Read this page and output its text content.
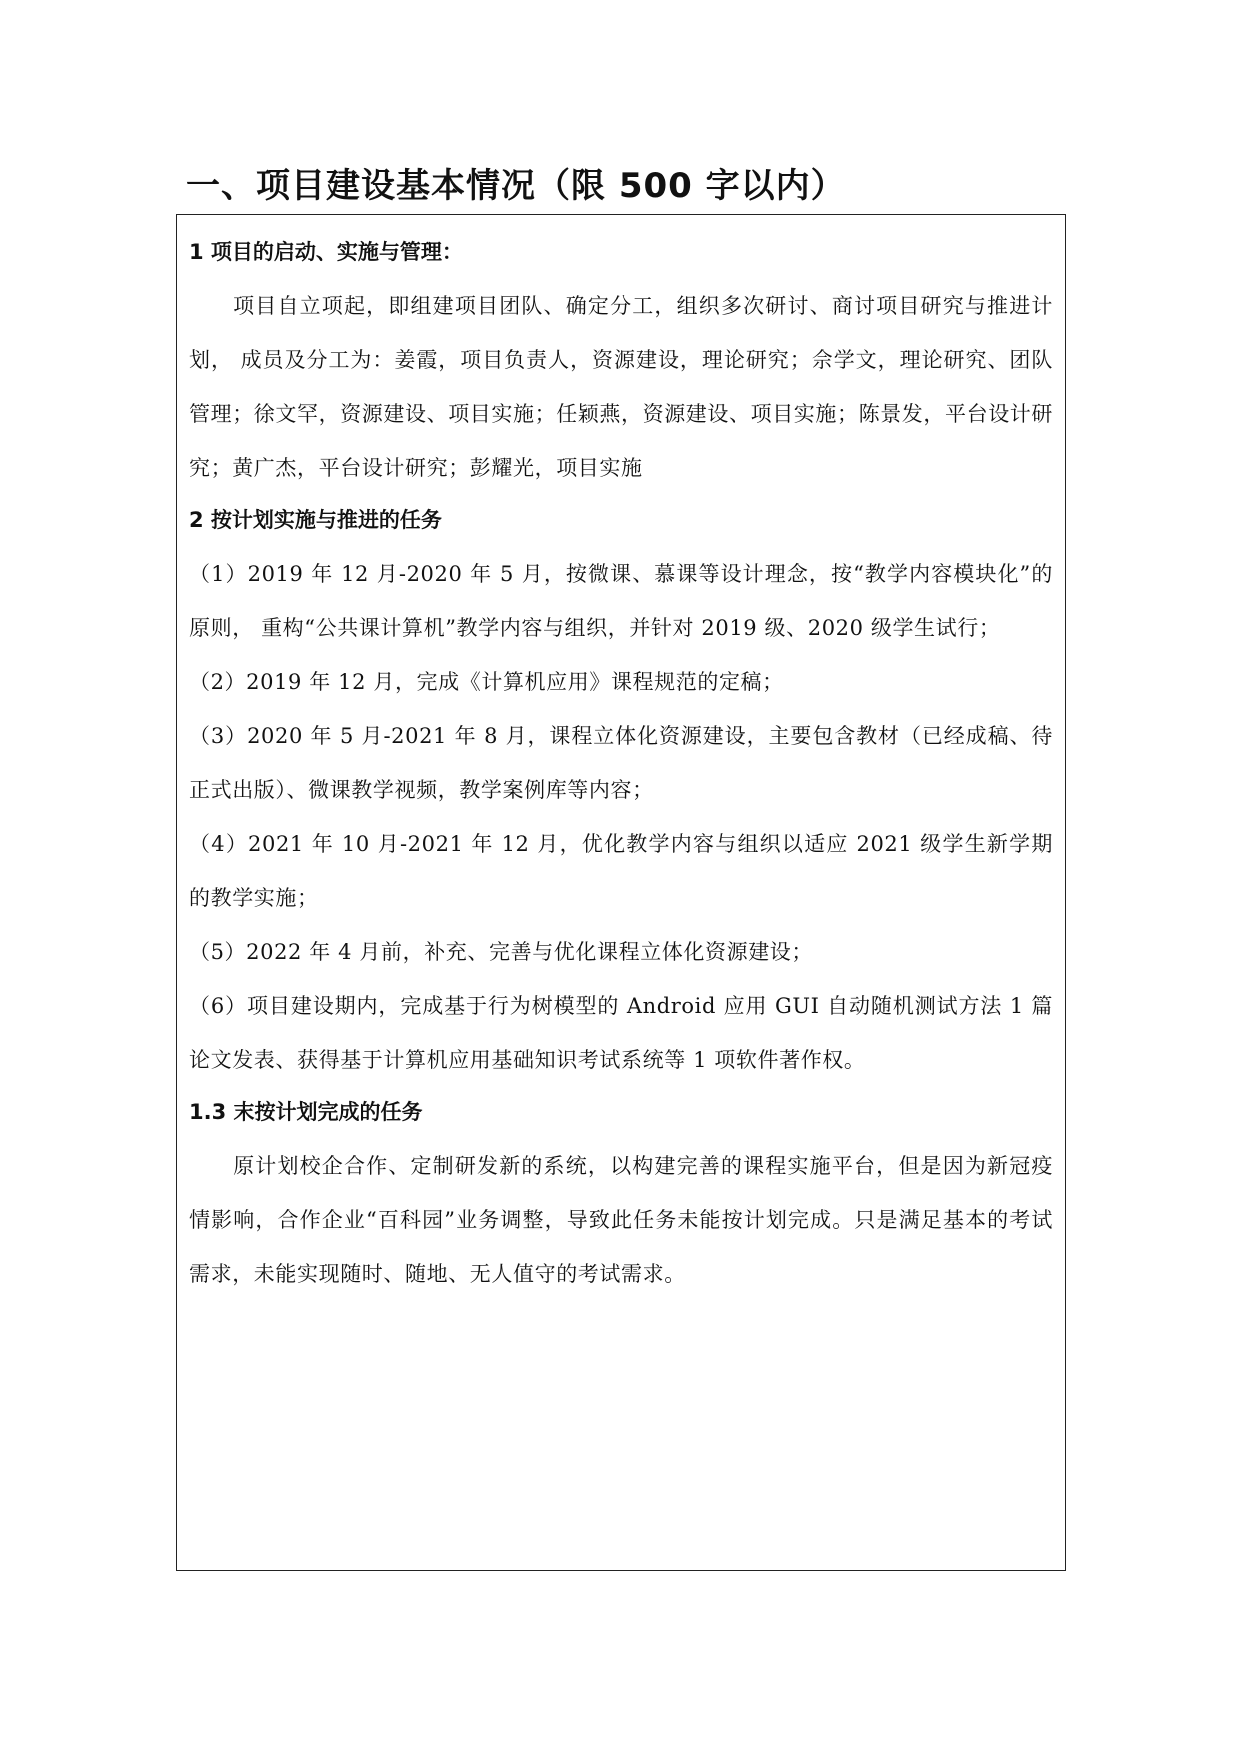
一、项目建设基本情况（限 500 字以内）
1 项目的启动、实施与管理：
项目自立项起，即组建项目团队、确定分工，组织多次研讨、商讨项目研究与推进计划， 成员及分工为：姜霞，项目负责人，资源建设，理论研究；佘学文，理论研究、团队管理；徐文罕，资源建设、项目实施；任颖燕，资源建设、项目实施；陈景发，平台设计研究；黄广杰，平台设计研究；彭耀光，项目实施
2 按计划实施与推进的任务
（1）2019 年 12 月-2020 年 5 月，按微课、慕课等设计理念，按“教学内容模块化”的原则， 重构“公共课计算机”教学内容与组织，并针对 2019 级、2020 级学生试行；
（2）2019 年 12 月，完成《计算机应用》课程规范的定稿；
（3）2020 年 5 月-2021 年 8 月，课程立体化资源建设，主要包含教材（已经成稿、待正式出版）、微课教学视频，教学案例库等内容；
（4）2021 年 10 月-2021 年 12 月，优化教学内容与组织以适应 2021 级学生新学期的教学实施；
（5）2022 年 4 月前，补充、完善与优化课程立体化资源建设；
（6）项目建设期内，完成基于行为树模型的 Android 应用 GUI 自动随机测试方法 1 篇论文发表、获得基于计算机应用基础知识考试系统等 1 项软件著作权。
1.3 末按计划完成的任务
原计划校企合作、定制研发新的系统，以构建完善的课程实施平台，但是因为新冠疫情影响，合作企业“百科园”业务调整，导致此任务未能按计划完成。只是满足基本的考试需求，未能实现随时、随地、无人值守的考试需求。
